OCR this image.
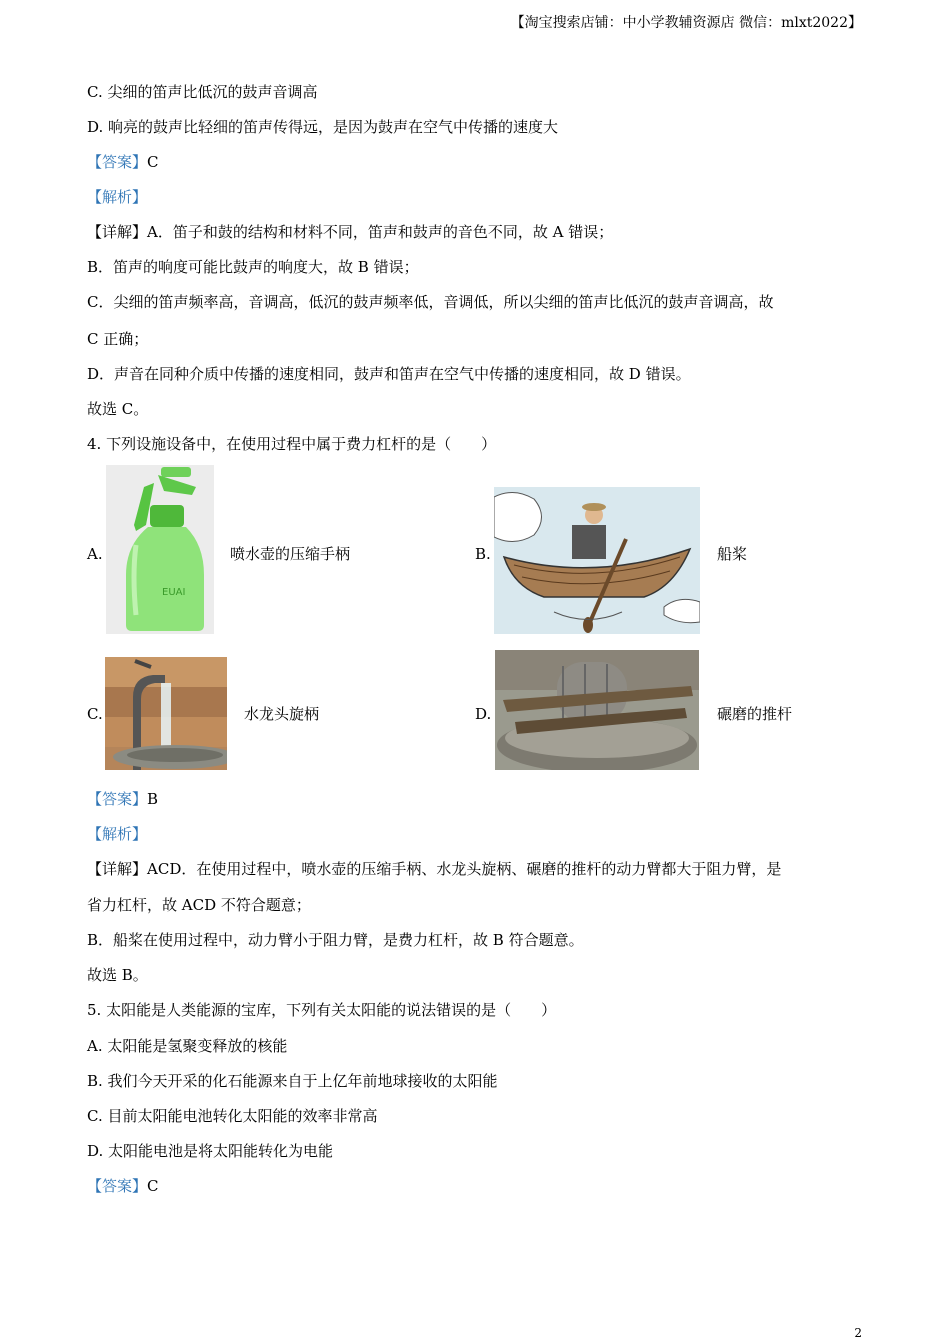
【淘宝搜索店铺：中小学教辅资源店 微信：mlxt2022】
C. 尖细的笛声比低沉的鼓声音调高
D. 响亮的鼓声比轻细的笛声传得远，是因为鼓声在空气中传播的速度大
【答案】C
【解析】
【详解】A．笛子和鼓的结构和材料不同，笛声和鼓声的音色不同，故 A 错误；
B．笛声的响度可能比鼓声的响度大，故 B 错误；
C．尖细的笛声频率高，音调高，低沉的鼓声频率低，音调低，所以尖细的笛声比低沉的鼓声音调高，故
C 正确；
D．声音在同种介质中传播的速度相同，鼓声和笛声在空气中传播的速度相同，故 D 错误。
故选 C。
4. 下列设施设备中，在使用过程中属于费力杠杆的是（　　）
A.
EUAI
喷水壶的压缩手柄	B.	船桨
C.	水龙头旋柄	D.	碾磨的推杆
【答案】B
【解析】
【详解】ACD．在使用过程中，喷水壶的压缩手柄、水龙头旋柄、碾磨的推杆的动力臂都大于阻力臂，是
省力杠杆，故 ACD 不符合题意；
B．船桨在使用过程中，动力臂小于阻力臂，是费力杠杆，故 B 符合题意。
故选 B。
5. 太阳能是人类能源的宝库，下列有关太阳能的说法错误的是（　　）
A. 太阳能是氢聚变释放的核能
B. 我们今天开采的化石能源来自于上亿年前地球接收的太阳能
C. 目前太阳能电池转化太阳能的效率非常高
D. 太阳能电池是将太阳能转化为电能
【答案】C
2
